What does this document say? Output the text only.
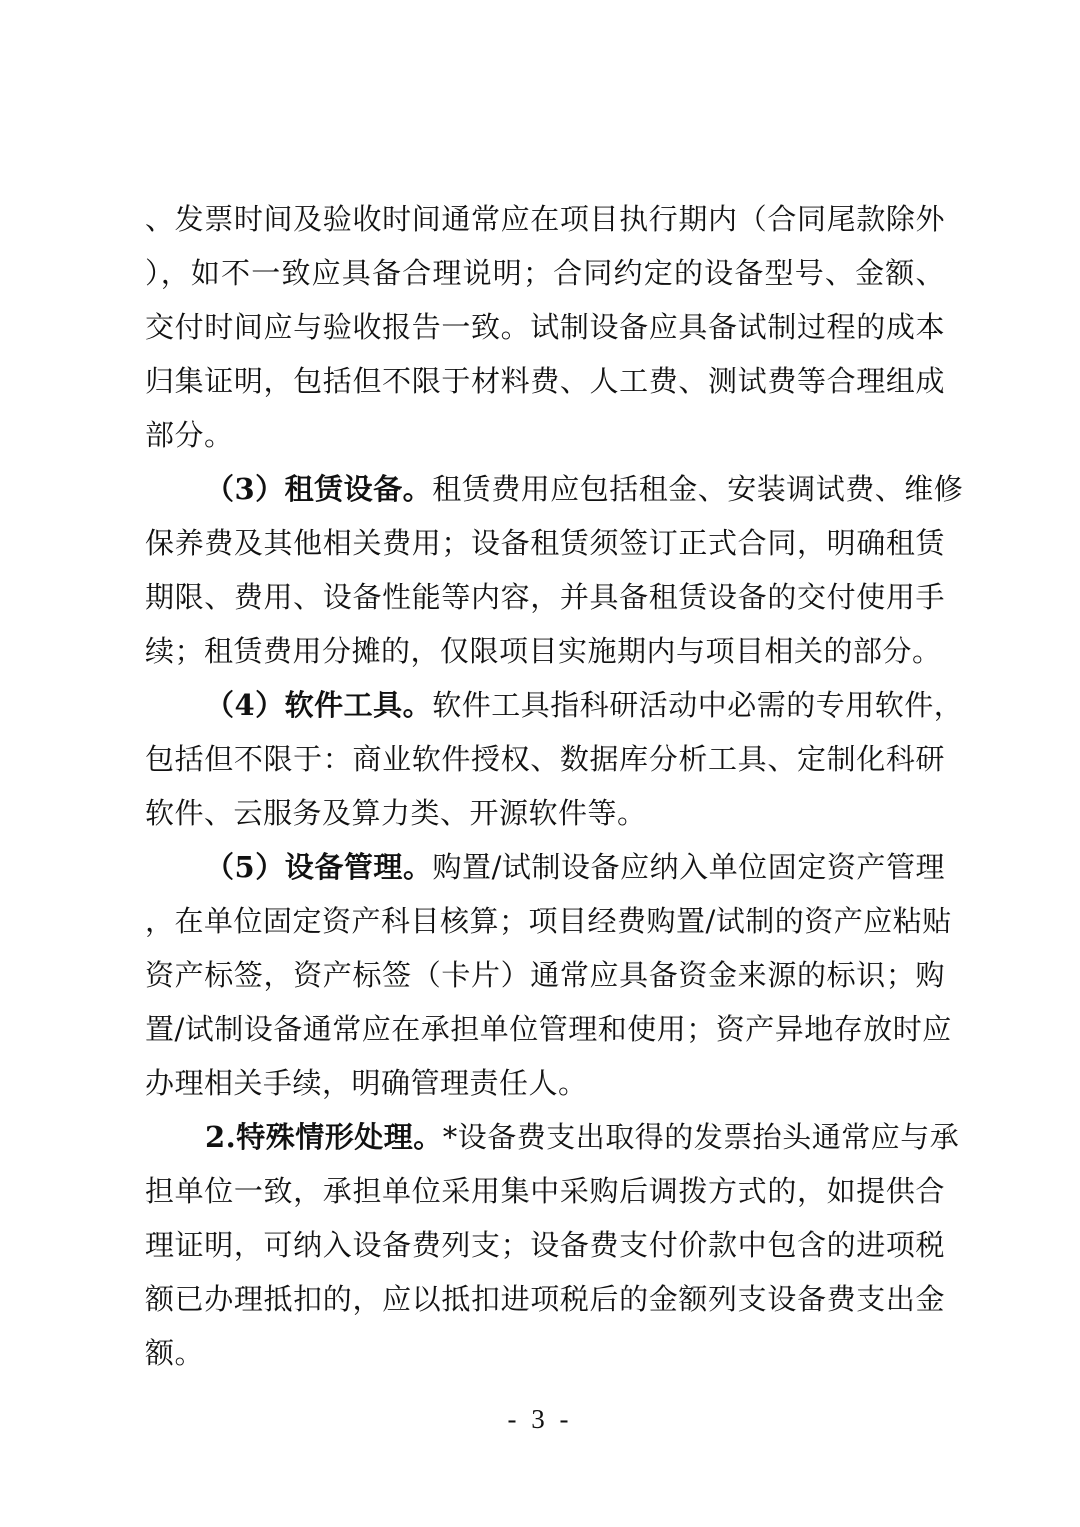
、发票时间及验收时间通常应在项目执行期内（合同尾款除外
），如不一致应具备合理说明；合同约定的设备型号、金额、
交付时间应与验收报告一致。试制设备应具备试制过程的成本
归集证明，包括但不限于材料费、人工费、测试费等合理组成
部分。
（3）租赁设备。租赁费用应包括租金、安装调试费、维修
保养费及其他相关费用；设备租赁须签订正式合同，明确租赁
期限、费用、设备性能等内容，并具备租赁设备的交付使用手
续；租赁费用分摊的，仅限项目实施期内与项目相关的部分。
（4）软件工具。软件工具指科研活动中必需的专用软件，
包括但不限于：商业软件授权、数据库分析工具、定制化科研
软件、云服务及算力类、开源软件等。
（5）设备管理。购置/试制设备应纳入单位固定资产管理
，在单位固定资产科目核算；项目经费购置/试制的资产应粘贴
资产标签，资产标签（卡片）通常应具备资金来源的标识；购
置/试制设备通常应在承担单位管理和使用；资产异地存放时应
办理相关手续，明确管理责任人。
2.特殊情形处理。*设备费支出取得的发票抬头通常应与承
担单位一致，承担单位采用集中采购后调拨方式的，如提供合
理证明，可纳入设备费列支；设备费支付价款中包含的进项税
额已办理抵扣的，应以抵扣进项税后的金额列支设备费支出金
额。
- 3 -
